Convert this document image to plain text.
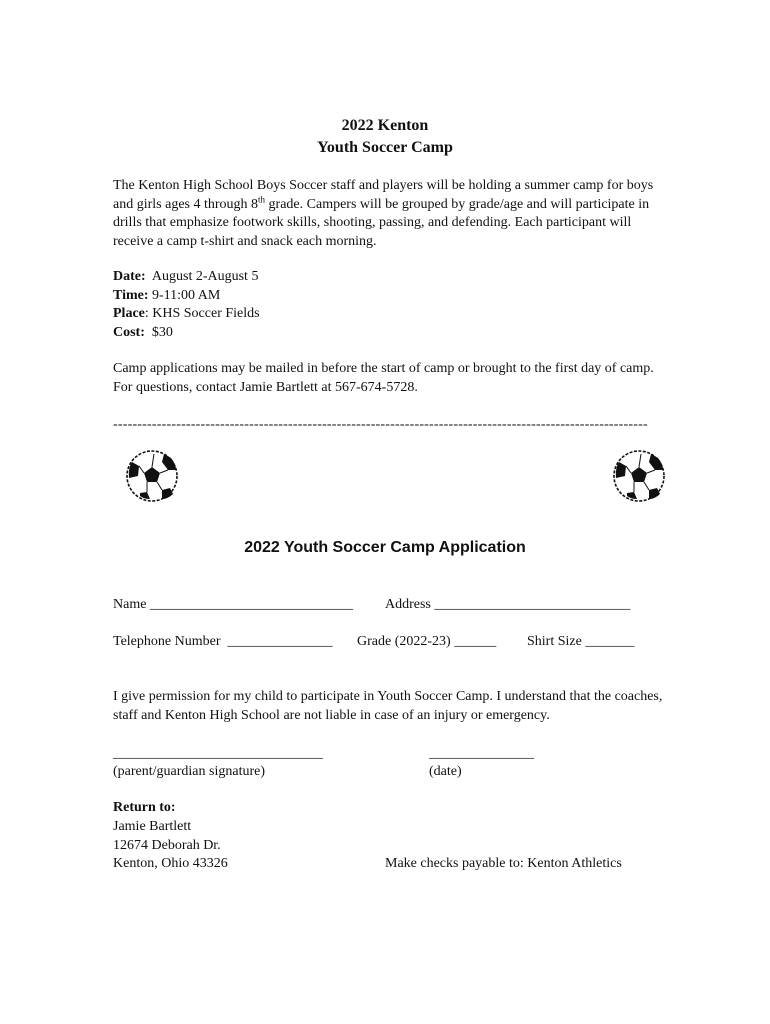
2022 Kenton
Youth Soccer Camp
The Kenton High School Boys Soccer staff and players will be holding a summer camp for boys and girls ages 4 through 8th grade. Campers will be grouped by grade/age and will participate in drills that emphasize footwork skills, shooting, passing, and defending. Each participant will receive a camp t-shirt and snack each morning.
Date: August 2-August 5
Time: 9-11:00 AM
Place: KHS Soccer Fields
Cost: $30
Camp applications may be mailed in before the start of camp or brought to the first day of camp. For questions, contact Jamie Bartlett at 567-674-5728.
--------------------------------------------------------------------------------------------------------------
2022 Youth Soccer Camp Application
Name _____________________________ Address ____________________________
Telephone Number _______________ Grade (2022-23) ______ Shirt Size _______
I give permission for my child to participate in Youth Soccer Camp. I understand that the coaches, staff and Kenton High School are not liable in case of an injury or emergency.
______________________________
(parent/guardian signature)
_______________
(date)
Return to:
Jamie Bartlett
12674 Deborah Dr.
Kenton, Ohio 43326	Make checks payable to: Kenton Athletics
